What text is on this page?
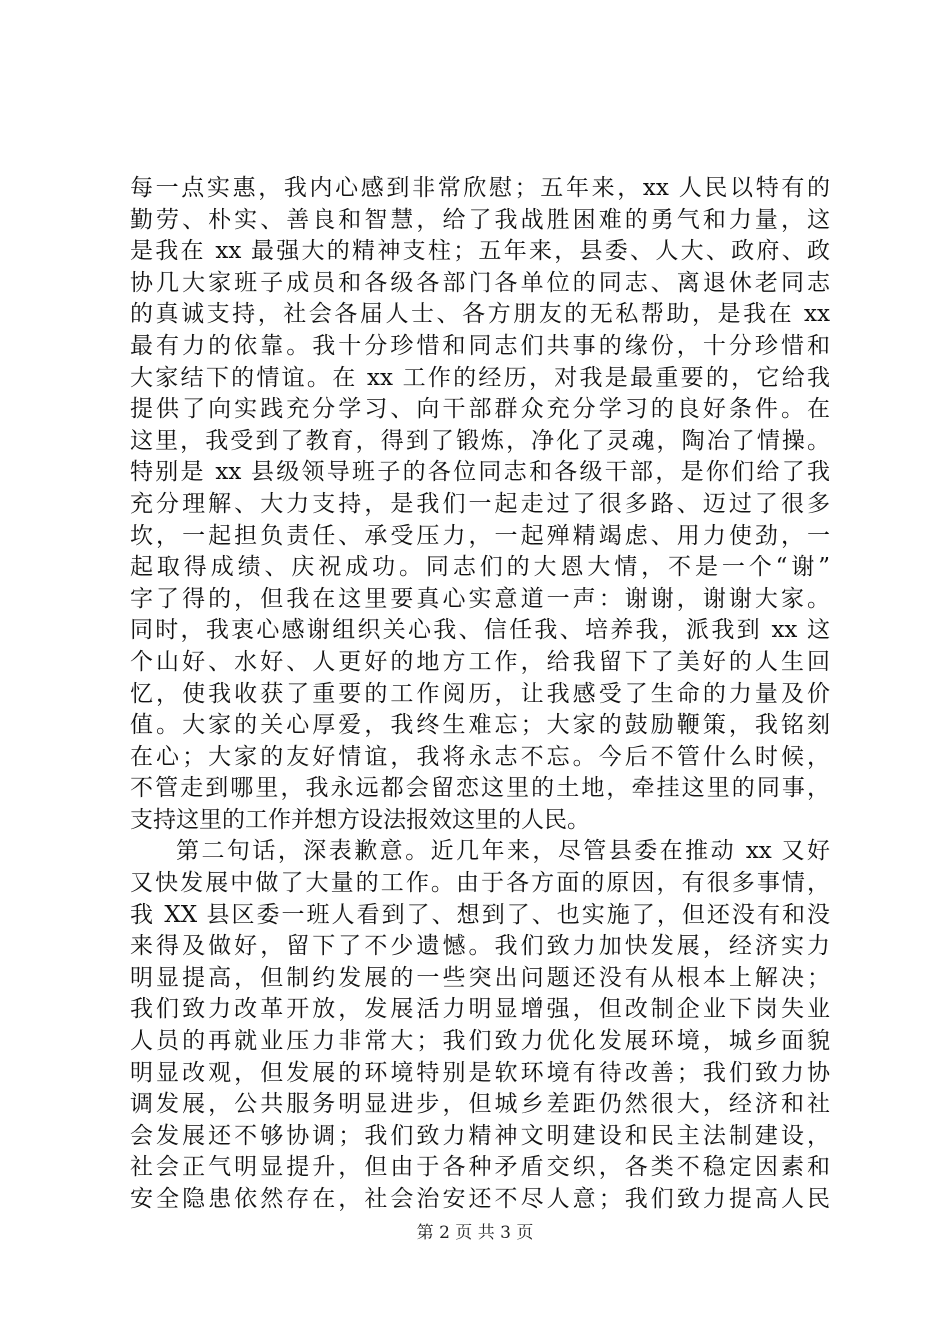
每一点实惠，我内心感到非常欣慰；五年来，xx 人民以特有的
勤劳、朴实、善良和智慧，给了我战胜困难的勇气和力量，这
是我在 xx 最强大的精神支柱；五年来，县委、人大、政府、政
协几大家班子成员和各级各部门各单位的同志、离退休老同志
的真诚支持，社会各届人士、各方朋友的无私帮助，是我在 xx
最有力的依靠。我十分珍惜和同志们共事的缘份，十分珍惜和
大家结下的情谊。在 xx 工作的经历，对我是最重要的，它给我
提供了向实践充分学习、向干部群众充分学习的良好条件。在
这里，我受到了教育，得到了锻炼，净化了灵魂，陶冶了情操。
特别是 xx 县级领导班子的各位同志和各级干部，是你们给了我
充分理解、大力支持，是我们一起走过了很多路、迈过了很多
坎，一起担负责任、承受压力，一起殚精竭虑、用力使劲，一
起取得成绩、庆祝成功。同志们的大恩大情，不是一个“谢”
字了得的，但我在这里要真心实意道一声：谢谢，谢谢大家。
同时，我衷心感谢组织关心我、信任我、培养我，派我到 xx 这
个山好、水好、人更好的地方工作，给我留下了美好的人生回
忆，使我收获了重要的工作阅历，让我感受了生命的力量及价
值。大家的关心厚爱，我终生难忘；大家的鼓励鞭策，我铭刻
在心；大家的友好情谊，我将永志不忘。今后不管什么时候，
不管走到哪里，我永远都会留恋这里的土地，牵挂这里的同事，
支持这里的工作并想方设法报效这里的人民。
第二句话，深表歉意。近几年来，尽管县委在推动 xx 又好
又快发展中做了大量的工作。由于各方面的原因，有很多事情，
我 XX 县区委一班人看到了、想到了、也实施了，但还没有和没
来得及做好，留下了不少遗憾。我们致力加快发展，经济实力
明显提高，但制约发展的一些突出问题还没有从根本上解决；
我们致力改革开放，发展活力明显增强，但改制企业下岗失业
人员的再就业压力非常大；我们致力优化发展环境，城乡面貌
明显改观，但发展的环境特别是软环境有待改善；我们致力协
调发展，公共服务明显进步，但城乡差距仍然很大，经济和社
会发展还不够协调；我们致力精神文明建设和民主法制建设，
社会正气明显提升，但由于各种矛盾交织，各类不稳定因素和
安全隐患依然存在，社会治安还不尽人意；我们致力提高人民
第 2 页 共 3 页
